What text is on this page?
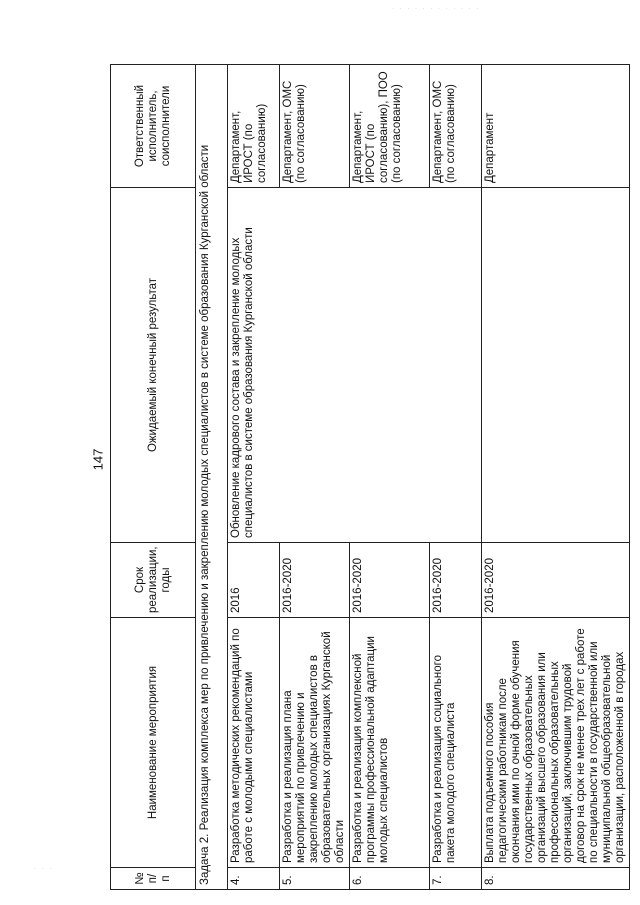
· · · · · · · · · · · ·
· · ·
147
№ п/п	Наименование мероприятия	Срок реализации, годы	Ожидаемый конечный результат	Ответственный исполнитель, соисполнители
Задача 2. Реализация комплекса мер по привлечению и закреплению молодых специалистов в системе образования Курганской области				
4.	Разработка методических рекомендаций по работе с молодыми специалистами	2016	Обновление кадрового состава и закрепление молодых специалистов в системе образования Курганской области	Департамент, ИРОСТ (по согласованию)
5.	Разработка и реализация плана мероприятий по привлечению и закреплению молодых специалистов в образовательных организациях Курганской области	2016-2020		Департамент, ОМС (по согласованию)
6.	Разработка и реализация комплексной программы профессиональной адаптации молодых специалистов	2016-2020		Департамент, ИРОСТ (по согласованию), ПОО (по согласованию)
7.	Разработка и реализация социального пакета молодого специалиста	2016-2020		Департамент, ОМС (по согласованию)
8.	Выплата подъемного пособия педагогическим работникам после окончания ими по очной форме обучения государственных образовательных организаций высшего образования или профессиональных образовательных организаций, заключившим трудовой договор на срок не менее трех лет с работе по специальности в государственной или муниципальной общеобразовательной организации, расположенной в городах	2016-2020		Департамент
